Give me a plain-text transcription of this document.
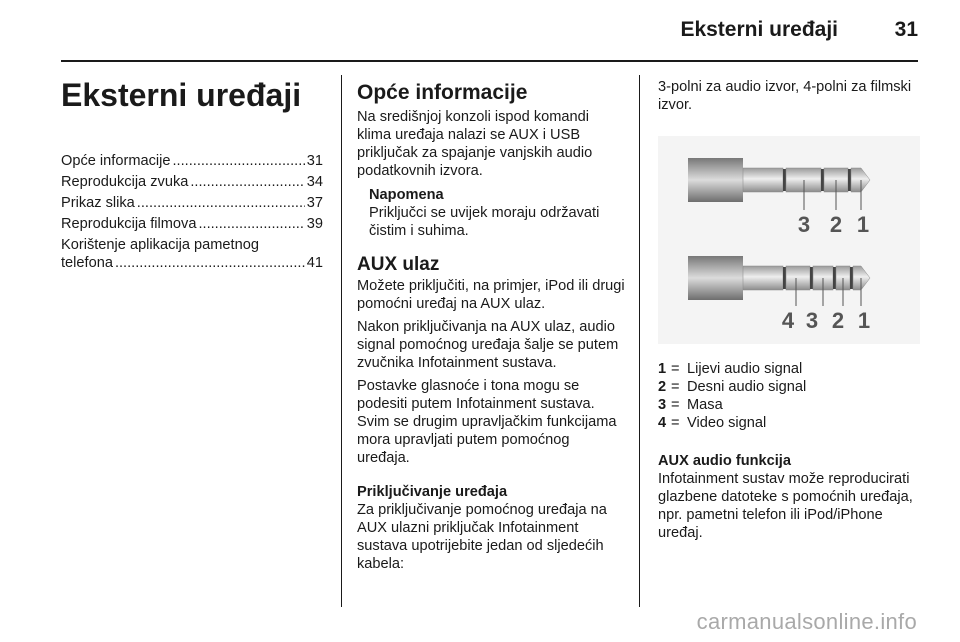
Eksterni uređaji	31
Eksterni uređaji
Opće informacije .....	31
Reprodukcija zvuka .....	34
Prikaz slika .....	37
Reprodukcija filmova .....	39
Korištenje aplikacija pametnog
telefona .....	41
Opće informacije

Na središnjoj konzoli ispod komandi klima uređaja nalazi se AUX i USB priključak za spajanje vanjskih audio podatkovnih izvora.

Napomena
Priključci se uvijek moraju održavati čistim i suhima.
AUX ulaz

Možete priključiti, na primjer, iPod ili drugi pomoćni uređaj na AUX ulaz.

Nakon priključivanja na AUX ulaz, audio signal pomoćnog uređaja šalje se putem zvučnika Infotainment sustava.

Postavke glasnoće i tona mogu se podesiti putem Infotainment sustava. Svim se drugim upravljačkim funkcijama mora upravljati putem pomoćnog uređaja.

Priključivanje uređaja

Za priključivanje pomoćnog uređaja na AUX ulazni priključak Infotainment sustava upotrijebite jedan od sljedećih kabela:

3-polni za audio izvor, 4-polni za filmski izvor.

3 2 1
4 3 2 1
1 = Lijevi audio signal
2 = Desni audio signal
3 = Masa
4 = Video signal
AUX audio funkcija

Infotainment sustav može reproducirati glazbene datoteke s pomoćnih uređaja, npr. pametni telefon ili iPod/iPhone uređaj.

carmanualsonline.info
